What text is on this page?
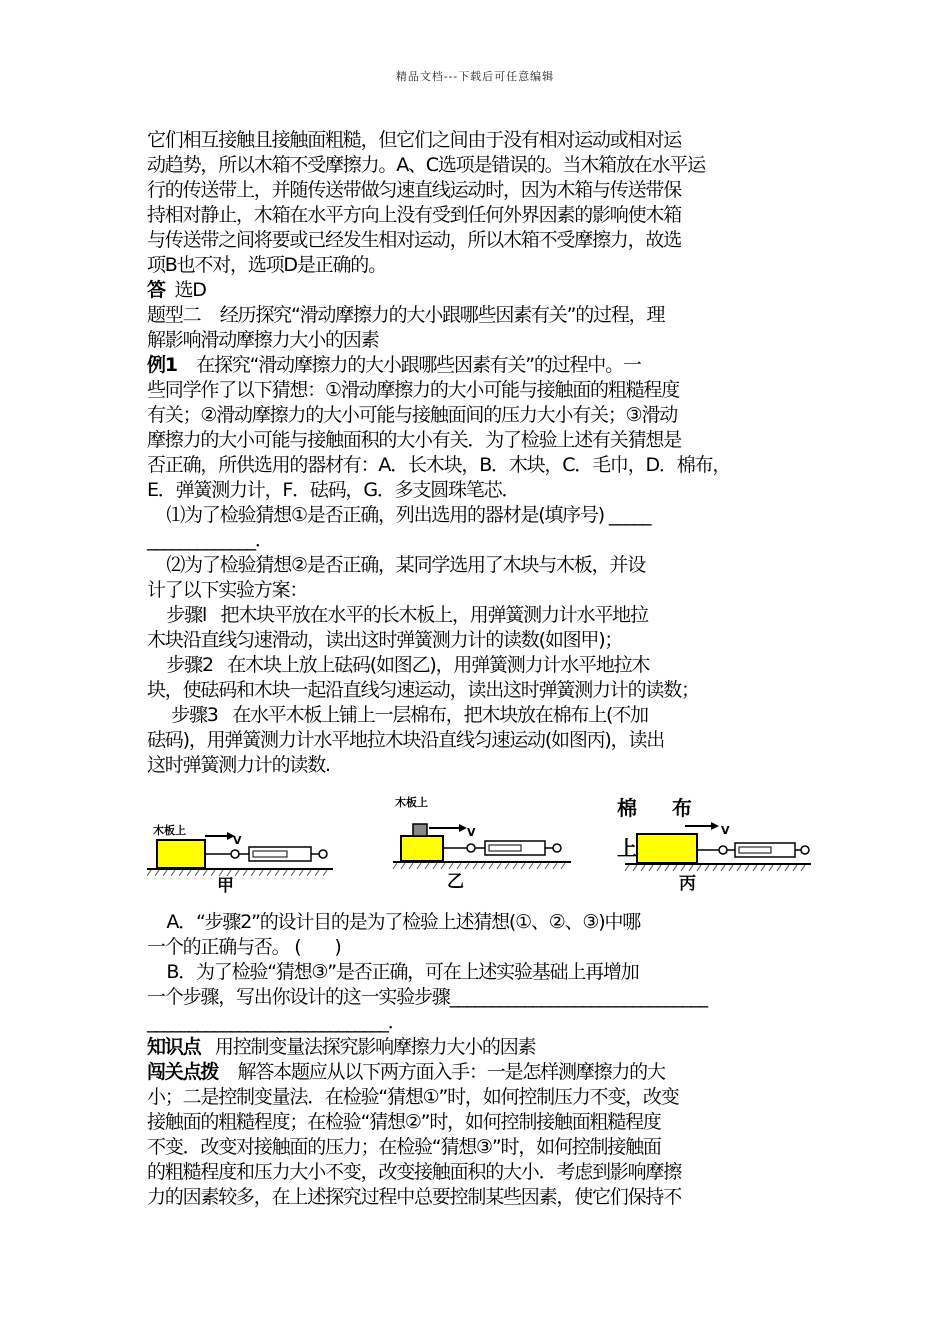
精品文档---下载后可任意编辑
它们相互接触且接触面粗糙，但它们之间由于没有相对运动或相对运
动趋势，所以木箱不受摩擦力。A、C选项是错误的。当木箱放在水平运
行的传送带上，并随传送带做匀速直线运动时，因为木箱与传送带保
持相对静止，木箱在水平方向上没有受到任何外界因素的影响使木箱
与传送带之间将要或已经发生相对运动，所以木箱不受摩擦力，故选
项B也不对，选项D是正确的。
答  选D
题型二    经历探究“滑动摩擦力的大小跟哪些因素有关”的过程，理
解影响滑动摩擦力大小的因素
例1    在探究“滑动摩擦力的大小跟哪些因素有关”的过程中。一
些同学作了以下猜想：①滑动摩擦力的大小可能与接触面的粗糙程度
有关；②滑动摩擦力的大小可能与接触面间的压力大小有关；③滑动
摩擦力的大小可能与接触面积的大小有关．为了检验上述有关猜想是
否正确，所供选用的器材有：A．长木块，B．木块，C．毛巾，D．棉布，
E．弹簧测力计，F．砝码，G．多支圆珠笔芯．
⑴为了检验猜想①是否正确，列出选用的器材是(填序号) _____
_____________．
⑵为了检验猜想②是否正确，某同学选用了木块与木板，并设
计了以下实验方案：
步骤l   把木块平放在水平的长木板上，用弹簧测力计水平地拉
木块沿直线匀速滑动，读出这时弹簧测力计的读数(如图甲)；
步骤2   在木块上放上砝码(如图乙)，用弹簧测力计水平地拉木
块，使砝码和木块一起沿直线匀速运动，读出这时弹簧测力计的读数；
步骤3   在水平木板上铺上一层棉布，把木块放在棉布上(不加
砝码)，用弹簧测力计水平地拉木块沿直线匀速运动(如图丙)，读出
这时弹簧测力计的读数.
木板上
V
甲
木板上
V
乙
棉 布
上
V
丙
A．“步骤2”的设计目的是为了检验上述猜想(①、②、③)中哪
一个的正确与否。 (       )
B．为了检验“猜想③”是否正确，可在上述实验基础上再增加
一个步骤，写出你设计的这一实验步骤_______________________________
_____________________________．
知识点   用控制变量法探究影响摩擦力大小的因素
闯关点拨    解答本题应从以下两方面入手：一是怎样测摩擦力的大
小；二是控制变量法．在检验“猜想①”时，如何控制压力不变，改变
接触面的粗糙程度；在检验“猜想②”时，如何控制接触面粗糙程度
不变．改变对接触面的压力；在检验“猜想③”时，如何控制接触面
的粗糙程度和压力大小不变，改变接触面积的大小．考虑到影响摩擦
力的因素较多，在上述探究过程中总要控制某些因素，使它们保持不
